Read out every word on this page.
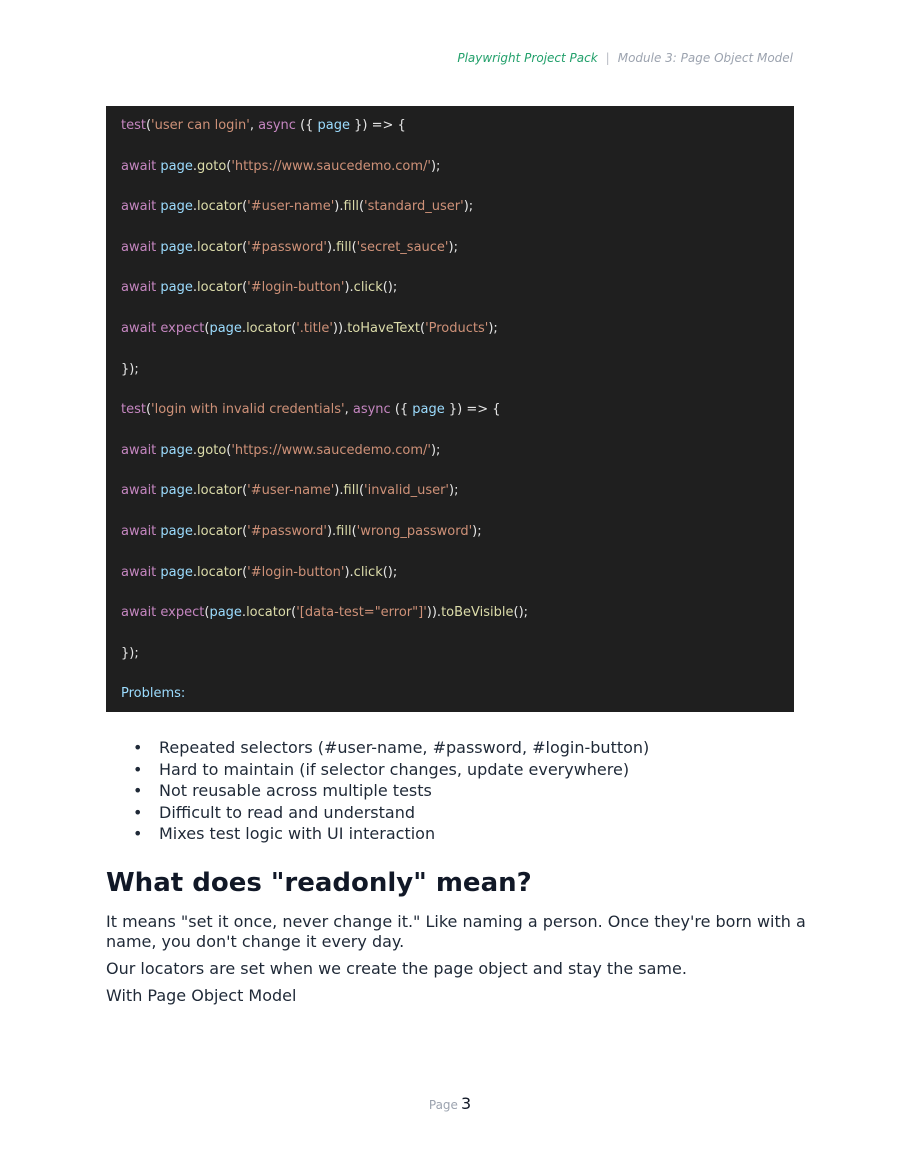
Playwright Project Pack | Module 3: Page Object Model
test('user can login', async ({ page }) => {
await page.goto('https://www.saucedemo.com/');
await page.locator('#user-name').fill('standard_user');
await page.locator('#password').fill('secret_sauce');
await page.locator('#login-button').click();
await expect(page.locator('.title')).toHaveText('Products');
});
test('login with invalid credentials', async ({ page }) => {
await page.goto('https://www.saucedemo.com/');
await page.locator('#user-name').fill('invalid_user');
await page.locator('#password').fill('wrong_password');
await page.locator('#login-button').click();
await expect(page.locator('[data-test="error"]')).toBeVisible();
});
Problems:
• Repeated selectors (#user-name, #password, #login-button)
• Hard to maintain (if selector changes, update everywhere)
• Not reusable across multiple tests
• Difficult to read and understand
• Mixes test logic with UI interaction
What does "readonly" mean?

It means "set it once, never change it." Like naming a person. Once they're born with a name, you don't change it every day.

Our locators are set when we create the page object and stay the same.

With Page Object Model

Page 3
